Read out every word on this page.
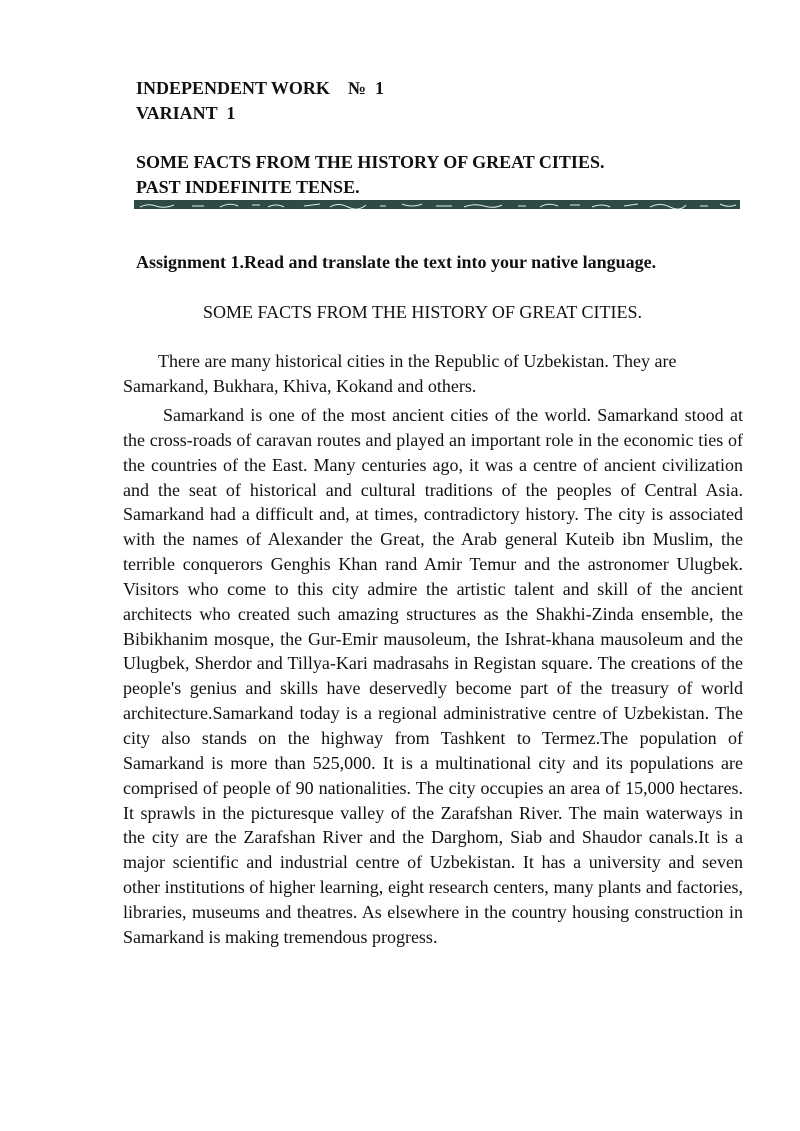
INDEPENDENT WORK    №  1
VARIANT  1
SOME FACTS FROM THE HISTORY OF GREAT CITIES.
PAST INDEFINITE TENSE.
Assignment 1.Read and translate the text into your native language.
SOME FACTS FROM THE HISTORY OF GREAT CITIES.
There are many historical cities in the Republic of Uzbekistan. They are
Samarkand, Bukhara, Khiva, Kokand and others.

Samarkand is one of the most ancient cities of the world. Samarkand stood at the cross-roads of caravan routes and played an important role in the economic ties of the countries of the East. Many centuries ago, it was a centre of ancient civilization and the seat of historical and cultural traditions of the peoples of Central Asia. Samarkand had a difficult and, at times, contradictory history. The city is associated with the names of Alexander the Great, the Arab general Kuteib ibn Muslim, the terrible conquerors Genghis Khan rand Amir Temur and the astronomer Ulugbek. Visitors who come to this city admire the artistic talent and skill of the ancient architects who created such amazing structures as the Shakhi-Zinda ensemble, the Bibikhanim mosque, the Gur-Emir mausoleum, the Ishrat-khana mausoleum and the Ulugbek, Sherdor and Tillya-Kari madrasahs in Registan square. The creations of the people's genius and skills have deservedly become part of the treasury of world architecture.Samarkand today is a regional administrative centre of Uzbekistan. The city also stands on the highway from Tashkent to Termez.The population of Samarkand is more than 525,000. It is a multinational city and its populations are comprised of people of 90 nationalities. The city occupies an area of 15,000 hectares. It sprawls in the picturesque valley of the Zarafshan River. The main waterways in the city are the Zarafshan River and the Darghom, Siab and Shaudor canals.It is a major scientific and industrial centre of Uzbekistan. It has a university and seven other institutions of higher learning, eight research centers, many plants and factories, libraries, museums and theatres. As elsewhere in the country housing construction in Samarkand is making tremendous progress.
